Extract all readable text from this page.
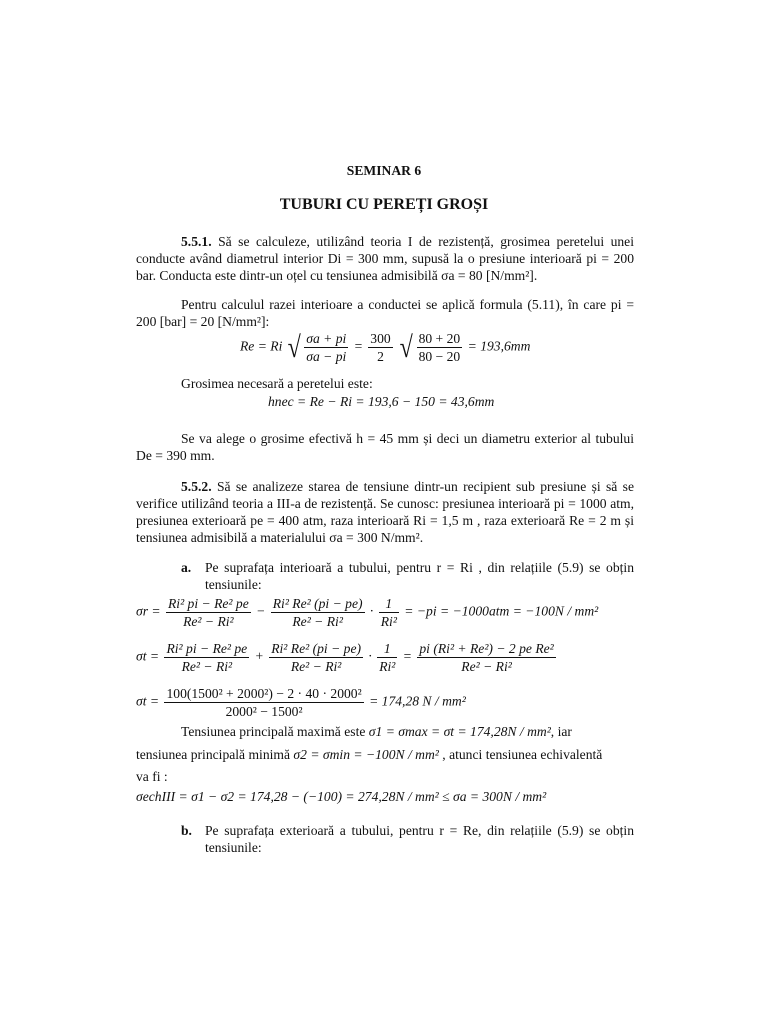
SEMINAR 6
TUBURI CU PEREȚI GROȘI
5.5.1. Să se calculeze, utilizând teoria I de rezistență, grosimea peretelui unei conducte având diametrul interior Di = 300 mm, supusă la o presiune interioară pi = 200 bar. Conducta este dintr-un oțel cu tensiunea admisibilă σa = 80 [N/mm²].
Pentru calculul razei interioare a conductei se aplică formula (5.11), în care pi = 200 [bar] = 20 [N/mm²]:
Re = Ri √ $\frac{\sigma a + pi}{\sigma a - pi} = \frac{300}{2}$ √ $\frac{80 + 20}{80 - 20} = 193,6mm$
Grosimea necesară a peretelui este:
hnec = Re − Ri = 193,6 − 150 = 43,6mm
Se va alege o grosime efectivă h = 45 mm și deci un diametru exterior al tubului De = 390 mm.
5.5.2. Să se analizeze starea de tensiune dintr-un recipient sub presiune și să se verifice utilizând teoria a III-a de rezistență. Se cunosc: presiunea interioară pi = 1000 atm, presiunea exterioară pe = 400 atm, raza interioară Ri = 1,5 m , raza exterioară Re = 2 m și tensiunea admisibilă a materialului σa = 300 N/mm².
a. Pe suprafața interioară a tubului, pentru r = Ri , din relațiile (5.9) se obțin tensiunile:
$\sigma r = \frac{\text{Ri² pi − Re² pe}}{\text{Re² − Ri²}} - \frac{\text{Ri² Re² (pi − pe)}}{\text{Re² − Ri²}} \cdot \frac{1}{\text{Ri²}} = -pi = -1000atm = -100N / mm^2$
$\sigma t = \frac{\text{Ri² pi − Re² pe}}{\text{Re² − Ri²}} + \frac{\text{Ri² Re² (pi − pe)}}{\text{Re² − Ri²}} \cdot \frac{1}{\text{Ri²}} = \frac{\text{pi (Ri² + Re²) − 2 pe Re²}}{\text{Re² − Ri²}}$
$\sigma t = \frac{\text{100(1500² + 2000²) − 2 · 40 · 2000²}}{\text{2000² − 1500²}} = 174,28$ N / mm²
Tensiunea principală maximă este σ1 = σmax = σt = 174,28N / mm², iar
tensiunea principală minimă σ2 = σmin = −100N / mm² , atunci tensiunea echivalentă
va fi :
σechIII = σ1 − σ2 = 174,28 − (−100) = 274,28N / mm² ≤ σa = 300N / mm²
b. Pe suprafața exterioară a tubului, pentru r = Re, din relațiile (5.9) se obțin tensiunile:
